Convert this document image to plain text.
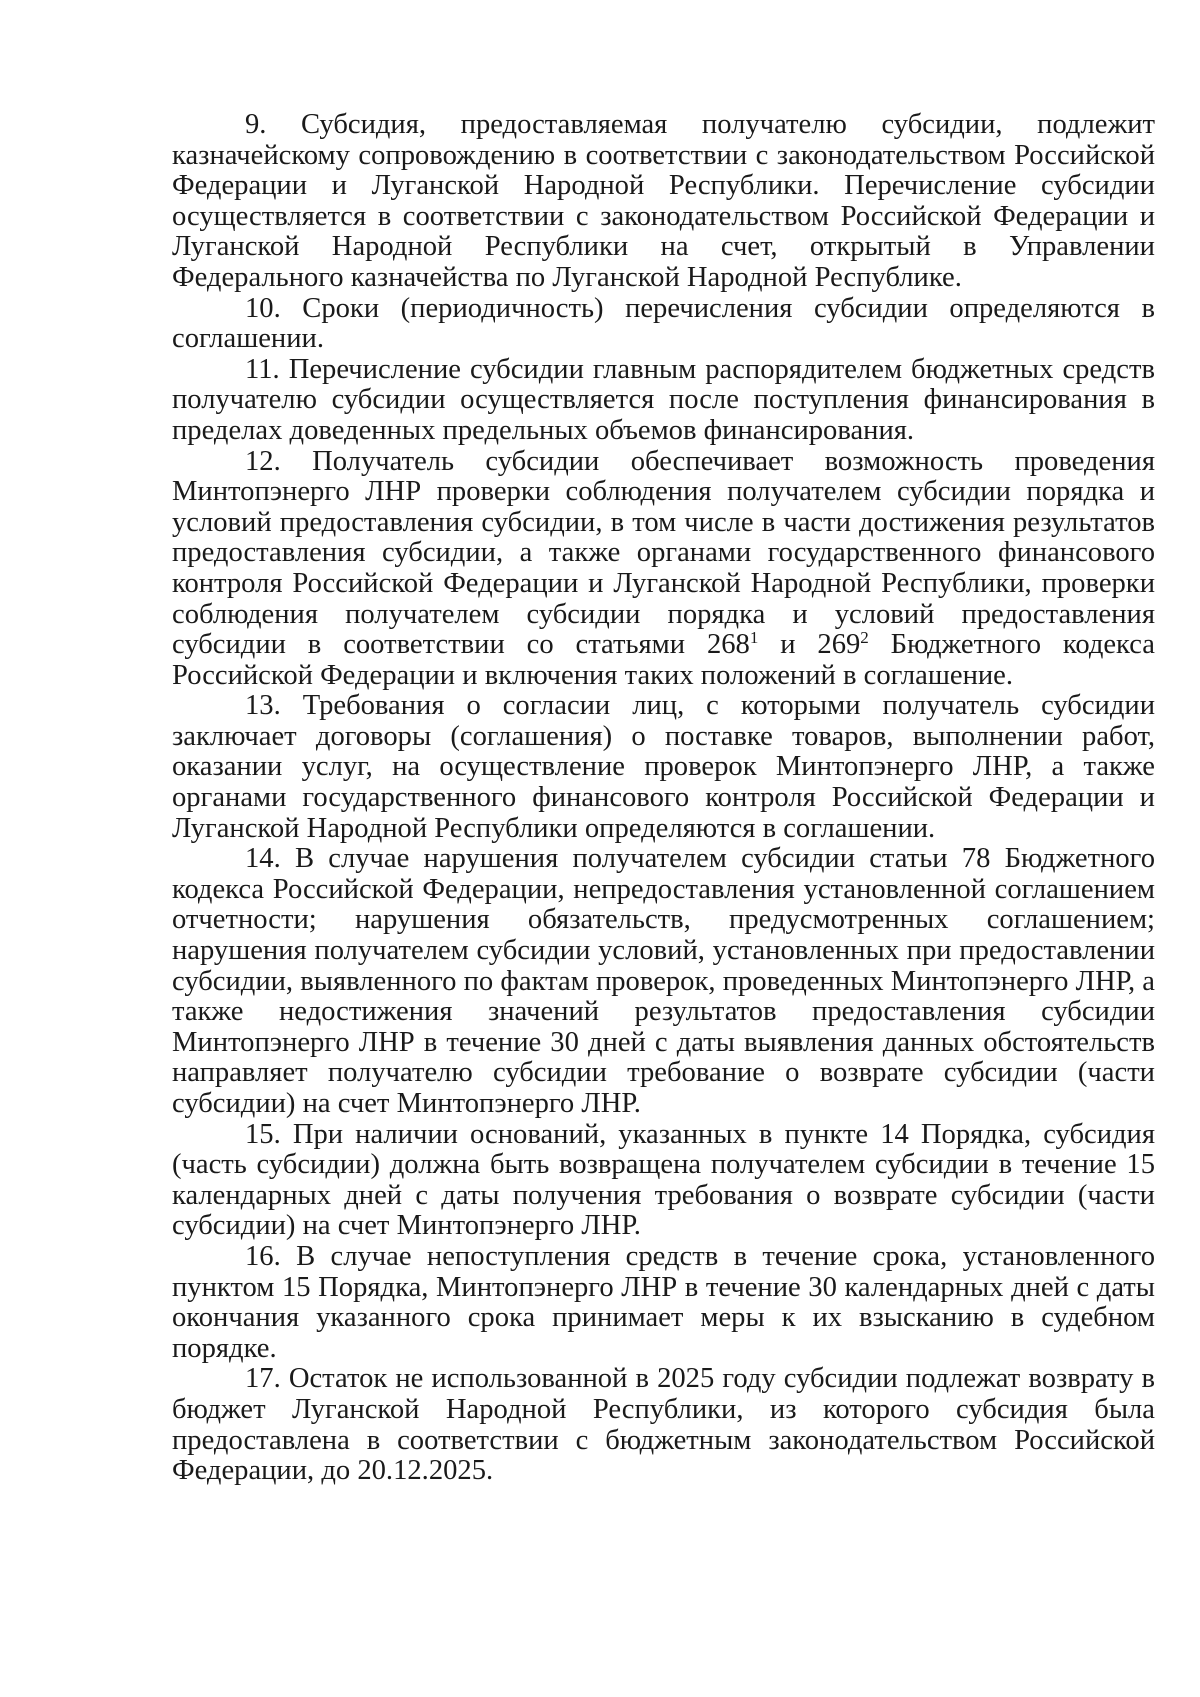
9. Субсидия, предоставляемая получателю субсидии, подлежит казначейскому сопровождению в соответствии с законодательством Российской Федерации и Луганской Народной Республики. Перечисление субсидии осуществляется в соответствии с законодательством Российской Федерации и Луганской Народной Республики на счет, открытый в Управлении Федерального казначейства по Луганской Народной Республике.

10. Сроки (периодичность) перечисления субсидии определяются в соглашении.

11. Перечисление субсидии главным распорядителем бюджетных средств получателю субсидии осуществляется после поступления финансирования в пределах доведенных предельных объемов финансирования.

12. Получатель субсидии обеспечивает возможность проведения Минтопэнерго ЛНР проверки соблюдения получателем субсидии порядка и условий предоставления субсидии, в том числе в части достижения результатов предоставления субсидии, а также органами государственного финансового контроля Российской Федерации и Луганской Народной Республики, проверки соблюдения получателем субсидии порядка и условий предоставления субсидии в соответствии со статьями $268^1$ и $269^2$ Бюджетного кодекса Российской Федерации и включения таких положений в соглашение.

13. Требования о согласии лиц, с которыми получатель субсидии заключает договоры (соглашения) о поставке товаров, выполнении работ, оказании услуг, на осуществление проверок Минтопэнерго ЛНР, а также органами государственного финансового контроля Российской Федерации и Луганской Народной Республики определяются в соглашении.

14. В случае нарушения получателем субсидии статьи 78 Бюджетного кодекса Российской Федерации, непредоставления установленной соглашением отчетности; нарушения обязательств, предусмотренных соглашением; нарушения получателем субсидии условий, установленных при предоставлении субсидии, выявленного по фактам проверок, проведенных Минтопэнерго ЛНР, а также недостижения значений результатов предоставления субсидии Минтопэнерго ЛНР в течение 30 дней с даты выявления данных обстоятельств направляет получателю субсидии требование о возврате субсидии (части субсидии) на счет Минтопэнерго ЛНР.

15. При наличии оснований, указанных в пункте 14 Порядка, субсидия (часть субсидии) должна быть возвращена получателем субсидии в течение 15 календарных дней с даты получения требования о возврате субсидии (части субсидии) на счет Минтопэнерго ЛНР.

16. В случае непоступления средств в течение срока, установленного пунктом 15 Порядка, Минтопэнерго ЛНР в течение 30 календарных дней с даты окончания указанного срока принимает меры к их взысканию в судебном порядке.

17. Остаток не использованной в 2025 году субсидии подлежат возврату в бюджет Луганской Народной Республики, из которого субсидия была предоставлена в соответствии с бюджетным законодательством Российской Федерации, до 20.12.2025.
